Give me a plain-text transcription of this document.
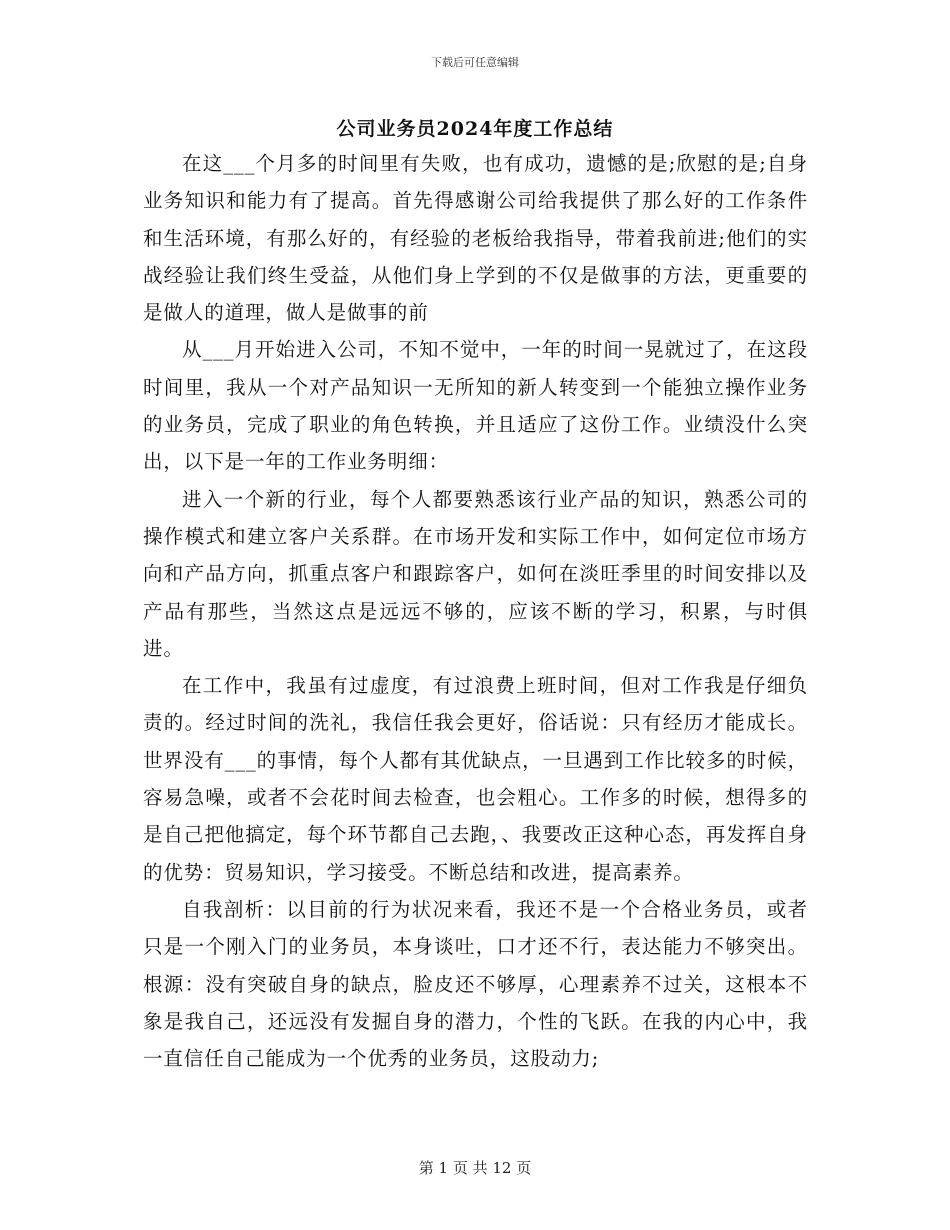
下载后可任意编辑
公司业务员2024年度工作总结

在这___个月多的时间里有失败，也有成功，遗憾的是;欣慰的是;自身业务知识和能力有了提高。首先得感谢公司给我提供了那么好的工作条件和生活环境，有那么好的，有经验的老板给我指导，带着我前进;他们的实战经验让我们终生受益，从他们身上学到的不仅是做事的方法，更重要的是做人的道理，做人是做事的前

从___月开始进入公司，不知不觉中，一年的时间一晃就过了，在这段时间里，我从一个对产品知识一无所知的新人转变到一个能独立操作业务的业务员，完成了职业的角色转换，并且适应了这份工作。业绩没什么突出，以下是一年的工作业务明细：

进入一个新的行业，每个人都要熟悉该行业产品的知识，熟悉公司的操作模式和建立客户关系群。在市场开发和实际工作中，如何定位市场方向和产品方向，抓重点客户和跟踪客户，如何在淡旺季里的时间安排以及产品有那些，当然这点是远远不够的，应该不断的学习，积累，与时俱进。

在工作中，我虽有过虚度，有过浪费上班时间，但对工作我是仔细负责的。经过时间的洗礼，我信任我会更好，俗话说：只有经历才能成长。世界没有___的事情，每个人都有其优缺点，一旦遇到工作比较多的时候，容易急噪，或者不会花时间去检查，也会粗心。工作多的时候，想得多的是自己把他搞定，每个环节都自己去跑，、我要改正这种心态，再发挥自身的优势：贸易知识，学习接受。不断总结和改进，提高素养。

自我剖析：以目前的行为状况来看，我还不是一个合格业务员，或者只是一个刚入门的业务员，本身谈吐，口才还不行，表达能力不够突出。根源：没有突破自身的缺点，脸皮还不够厚，心理素养不过关，这根本不象是我自己，还远没有发掘自身的潜力，个性的飞跃。在我的内心中，我一直信任自己能成为一个优秀的业务员，这股动力;

第 1 页 共 12 页
